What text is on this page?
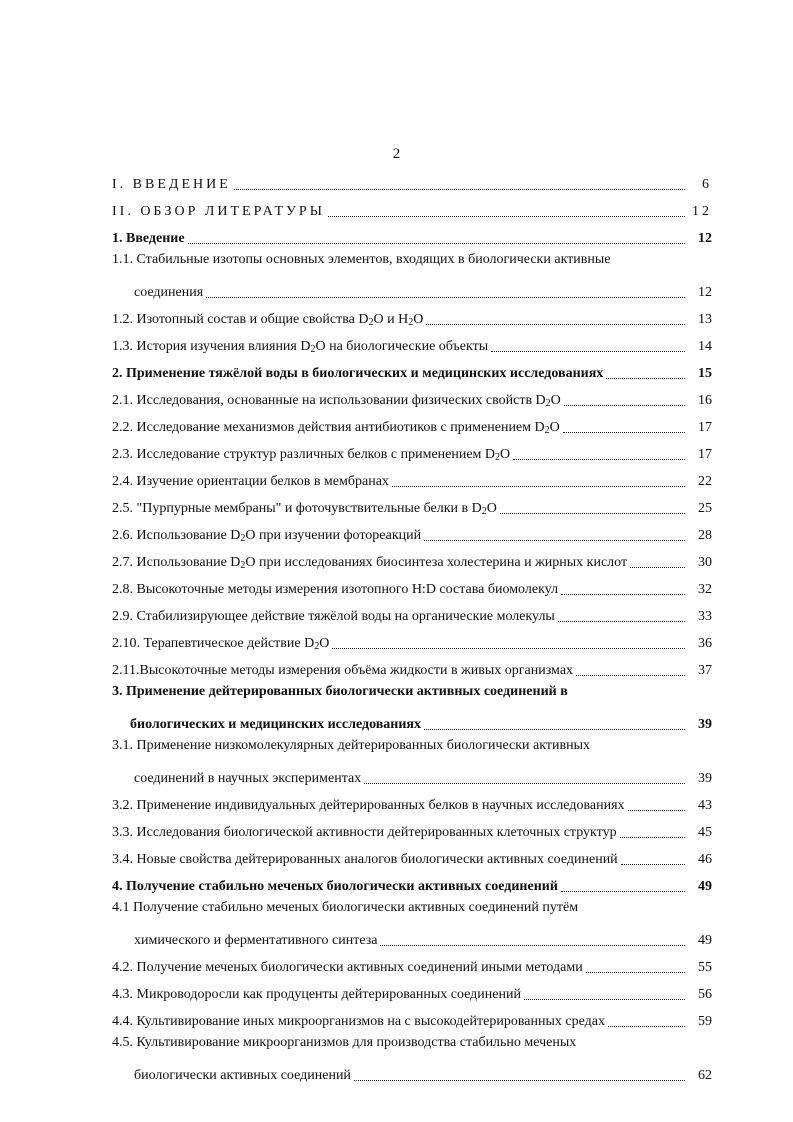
2
I. ВВЕДЕНИЕ	6
II. ОБЗОР ЛИТЕРАТУРЫ	12
1. Введение	12
1.1. Стабильные изотопы основных элементов, входящих в биологически активные
соединения	12
1.2. Изотопный состав и общие свойства $D_2O$ и $H_2O$	13
1.3. История изучения влияния $D_2O$ на биологические объекты	14
2. Применение тяжёлой воды в биологических и медицинских исследованиях	15
2.1. Исследования, основанные на использовании физических свойств $D_2O$	16
2.2. Исследование механизмов действия антибиотиков с применением $D_2O$	17
2.3. Исследование структур различных белков с применением $D_2O$	17
2.4. Изучение ориентации белков в мембранах	22
2.5. "Пурпурные мембраны" и фоточувствительные белки в $D_2O$	25
2.6. Использование $D_2O$ при изучении фотореакций	28
2.7. Использование $D_2O$ при исследованиях биосинтеза холестерина и жирных кислот	30
2.8. Высокоточные методы измерения изотопного H:D состава биомолекул	32
2.9. Стабилизирующее действие тяжёлой воды на органические молекулы	33
2.10. Терапевтическое действие $D_2O$	36
2.11.Высокоточные методы измерения объёма жидкости в живых организмах	37
3. Применение дейтерированных биологически активных соединений в
биологических и медицинских исследованиях	39
3.1. Применение низкомолекулярных дейтерированных биологически активных
соединений в научных экспериментах	39
3.2. Применение индивидуальных дейтерированных белков в научных исследованиях	43
3.3. Исследования биологической активности дейтерированных клеточных структур	45
3.4. Новые свойства дейтерированных аналогов биологически активных соединений	46
4. Получение стабильно меченых биологически активных соединений	49
4.1 Получение стабильно меченых биологически активных соединений путём
химического и ферментативного синтеза	49
4.2. Получение меченых биологически активных соединений иными методами	55
4.3. Микроводоросли как продуценты дейтерированных соединений	56
4.4. Культивирование иных микроорганизмов на с высокодейтерированных средах	59
4.5. Культивирование микроорганизмов для производства стабильно меченых
биологически активных соединений	62
